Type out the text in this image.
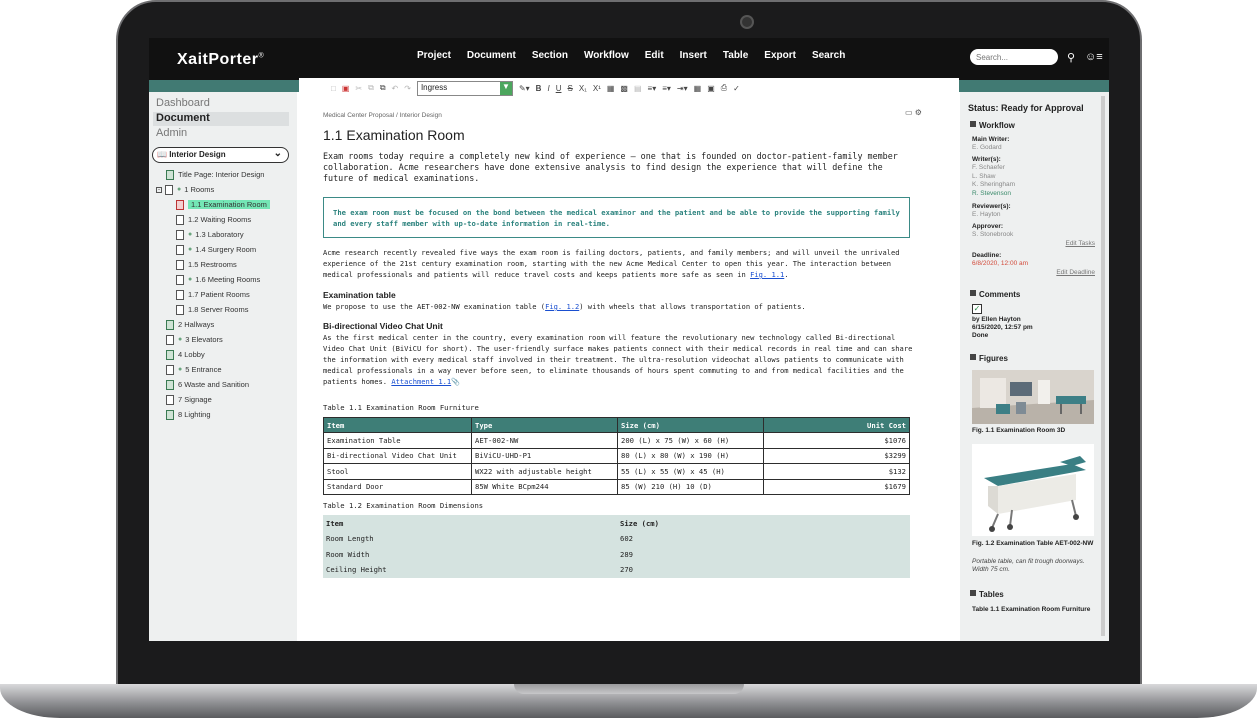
XaitPorter®	Project	Document	Section	Workflow	Edit	Insert	Table	Export	Search
Search...	⚲ ☺≡
Dashboard
Document
Admin
📖 Interior Design	⌄
Title Page: Interior Design
- ● 1 Rooms
1.1 Examination Room
1.2 Waiting Rooms
● 1.3 Laboratory
● 1.4 Surgery Room
1.5 Restrooms
● 1.6 Meeting Rooms
1.7 Patient Rooms
1.8 Server Rooms
2 Hallways
● 3 Elevators
4 Lobby
● 5 Entrance
6 Waste and Sanition
7 Signage
8 Lighting
□ ▣ ✂ ⧉ ⧉ ↶ ↷	Ingress	▼ ✎▾ B I U S X₁ X¹ ▦ ▩ ▤ ≡▾ ≡▾ ⇥▾ ▦ ▣ ⎙ ✓
Medical Center Proposal / Interior Design	▭ ⚙
1.1 Examination Room
Exam rooms today require a completely new kind of experience — one that is founded on doctor-patient-family member collaboration. Acme researchers have done extensive analysis to find design the experience that will define the future of medical examinations.
The exam room must be focused on the bond between the medical examinor and the patient and be able to provide the supporting family and every staff member with up-to-date information in real-time.
Acme research recently revealed five ways the exam room is failing doctors, patients, and family members; and will unveil the unrivaled experience of the 21st century examination room, starting with the new Acme Medical Center to open this year. The interaction between medical professionals and patients will reduce travel costs and keeps patients more safe as seen in Fig. 1.1.
Examination table
We propose to use the AET-002-NW examination table (Fig. 1.2) with wheels that allows transportation of patients.
Bi-directional Video Chat Unit
As the first medical center in the country, every examination room will feature the revolutionary new technology called Bi-directional Video Chat Unit (BiViCU for short). The user-friendly surface makes patients connect with their medical records in real time and can share the information with every medical staff involved in their treatment. The ultra-resolution videochat allows patients to communicate with medical professionals in a way never before seen, to eliminate thousands of hours spent commuting to and from medical facilities and the patients homes. Attachment 1.1📎
Table 1.1 Examination Room Furniture
Item	Type	Size (cm)	Unit Cost
Examination Table	AET-002-NW	200 (L) x 75 (W) x 60 (H)	$1076
Bi-directional Video Chat Unit	BiViCU-UHD-P1	80 (L) x 80 (W) x 190 (H)	$3299
Stool	WX22 with adjustable height	55 (L) x 55 (W) x 45 (H)	$132
Standard Door	85W White BCpm244	85 (W) 210 (H) 10 (D)	$1679
Table 1.2 Examination Room Dimensions
Item	Size (cm)
Room Length	602
Room Width	289
Ceiling Height	270
Status: Ready for Approval
Workflow
Main Writer:
E. Godard
Writer(s):
F. Schaefer
L. Shaw
K. Sheringham
R. Stevenson
Reviewer(s):
E. Hayton
Approver:
S. Stonebrook
Edit Tasks
Deadline:
6/8/2020, 12:00 am
Edit Deadline
Comments
✓
by Ellen Hayton
6/15/2020, 12:57 pm
Done
Figures
Fig. 1.1 Examination Room 3D
Fig. 1.2 Examination Table AET-002-NW
Portable table, can fit trough doorways. Width 75 cm.
Tables
Table 1.1 Examination Room Furniture
